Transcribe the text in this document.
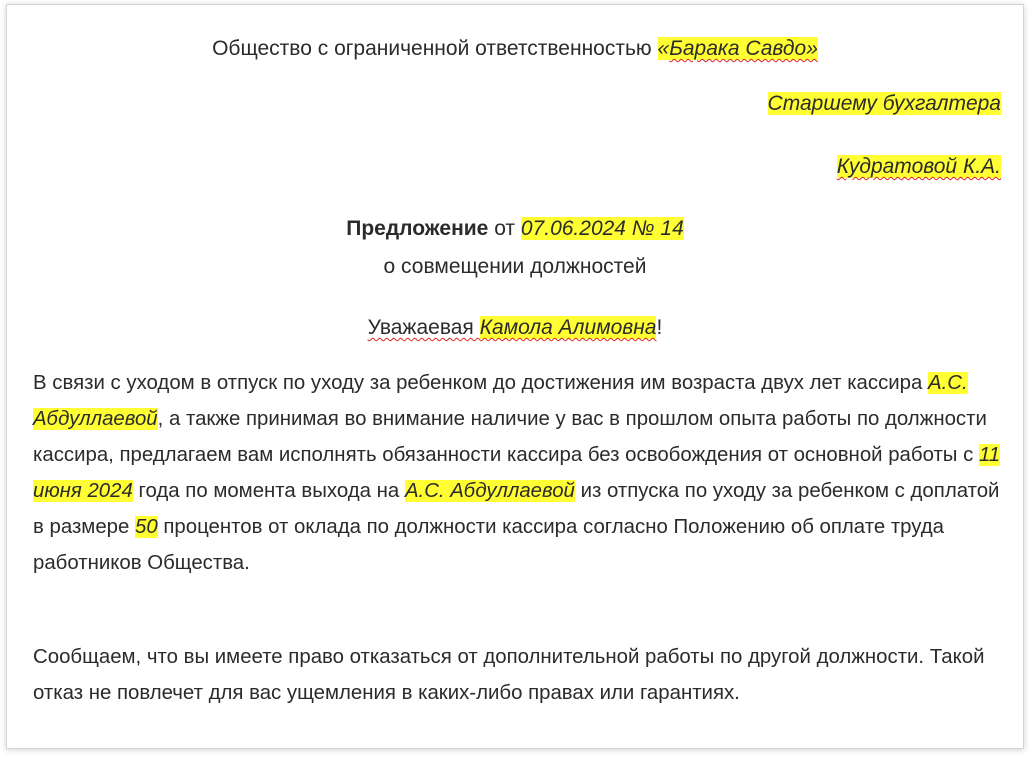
Общество с ограниченной ответственностью «Барака Савдо»
Старшему бухгалтера
Кудратовой К.А.
Предложение от 07.06.2024 № 14
о совмещении должностей
Уважаевая Камола Алимовна!

В связи с уходом в отпуск по уходу за ребенком до достижения им возраста двух лет кассира А.С. Абдуллаевой, а также принимая во внимание наличие у вас в прошлом опыта работы по должности кассира, предлагаем вам исполнять обязанности кассира без освобождения от основной работы с 11 июня 2024 года по момента выхода на А.С. Абдуллаевой из отпуска по уходу за ребенком с доплатой в размере 50 процентов от оклада по должности кассира согласно Положению об оплате труда работников Общества.

Сообщаем, что вы имеете право отказаться от дополнительной работы по другой должности. Такой отказ не повлечет для вас ущемления в каких-либо правах или гарантиях.
